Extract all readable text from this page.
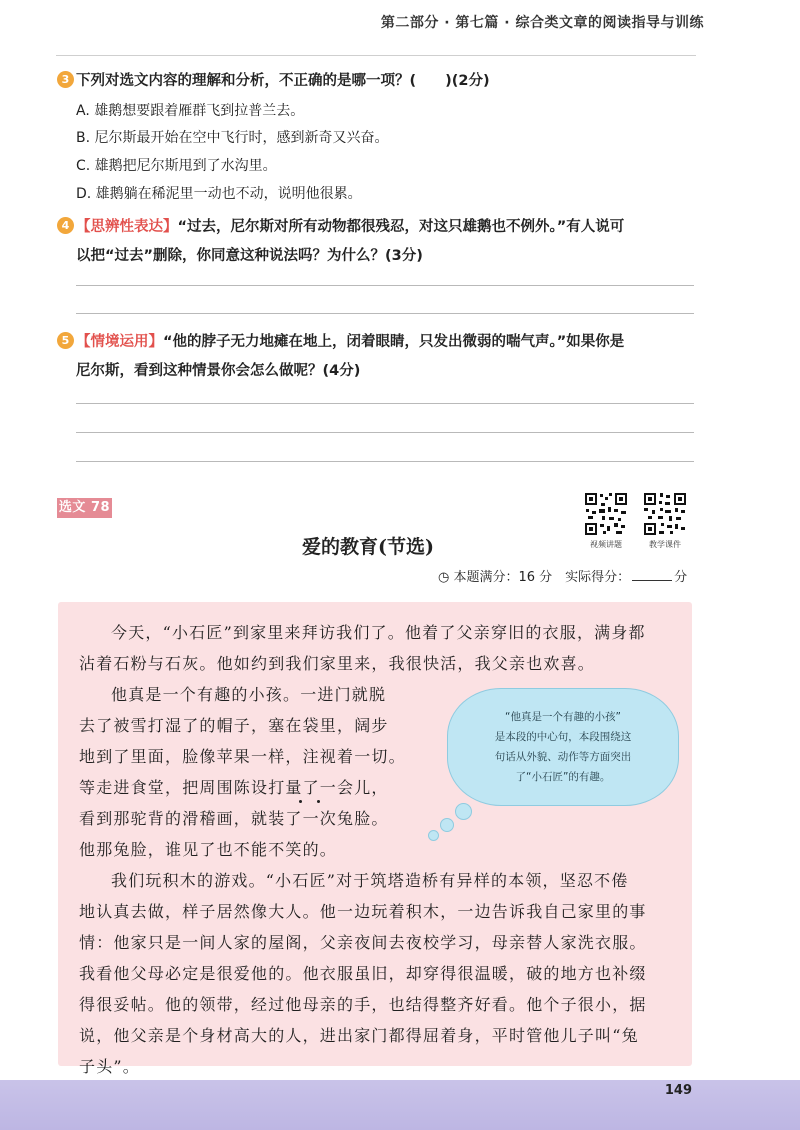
第二部分 · 第七篇 · 综合类文章的阅读指导与训练
3 下列对选文内容的理解和分析，不正确的是哪一项？(　　)(2分)
A. 雄鹅想要跟着雁群飞到拉普兰去。
B. 尼尔斯最开始在空中飞行时，感到新奇又兴奋。
C. 雄鹅把尼尔斯甩到了水沟里。
D. 雄鹅躺在稀泥里一动也不动，说明他很累。
4 【思辨性表达】“过去，尼尔斯对所有动物都很残忍，对这只雄鹅也不例外。”有人说可
以把“过去”删除，你同意这种说法吗？为什么？(3分)
5 【情境运用】“他的脖子无力地瘫在地上，闭着眼睛，只发出微弱的喘气声。”如果你是
尼尔斯，看到这种情景你会怎么做呢？(4分)
选文 78
视频讲题	教学课件
爱的教育(节选)
◷ 本题满分：16 分　实际得分：	分
今天，“小石匠”到家里来拜访我们了。他着了父亲穿旧的衣服，满身都
沾着石粉与石灰。他如约到我们家里来，我很快活，我父亲也欢喜。
他真是一个有趣的小孩。一进门就脱
去了被雪打湿了的帽子，塞在袋里，阔步
地到了里面，脸像苹果一样，注视着一切。
等走进食堂，把周围陈设打量了一会儿，
看到那驼背的滑稽画，就装了一次兔脸。
他那兔脸，谁见了也不能不笑的。
我们玩积木的游戏。“小石匠”对于筑塔造桥有异样的本领，坚忍不倦
地认真去做，样子居然像大人。他一边玩着积木，一边告诉我自己家里的事
情：他家只是一间人家的屋阁，父亲夜间去夜校学习，母亲替人家洗衣服。
我看他父母必定是很爱他的。他衣服虽旧，却穿得很温暖，破的地方也补缀
得很妥帖。他的领带，经过他母亲的手，也结得整齐好看。他个子很小，据
说，他父亲是个身材高大的人，进出家门都得屈着身，平时管他儿子叫“兔
子头”。
“他真是一个有趣的小孩”
是本段的中心句，本段围绕这
句话从外貌、动作等方面突出
了“小石匠”的有趣。
149
